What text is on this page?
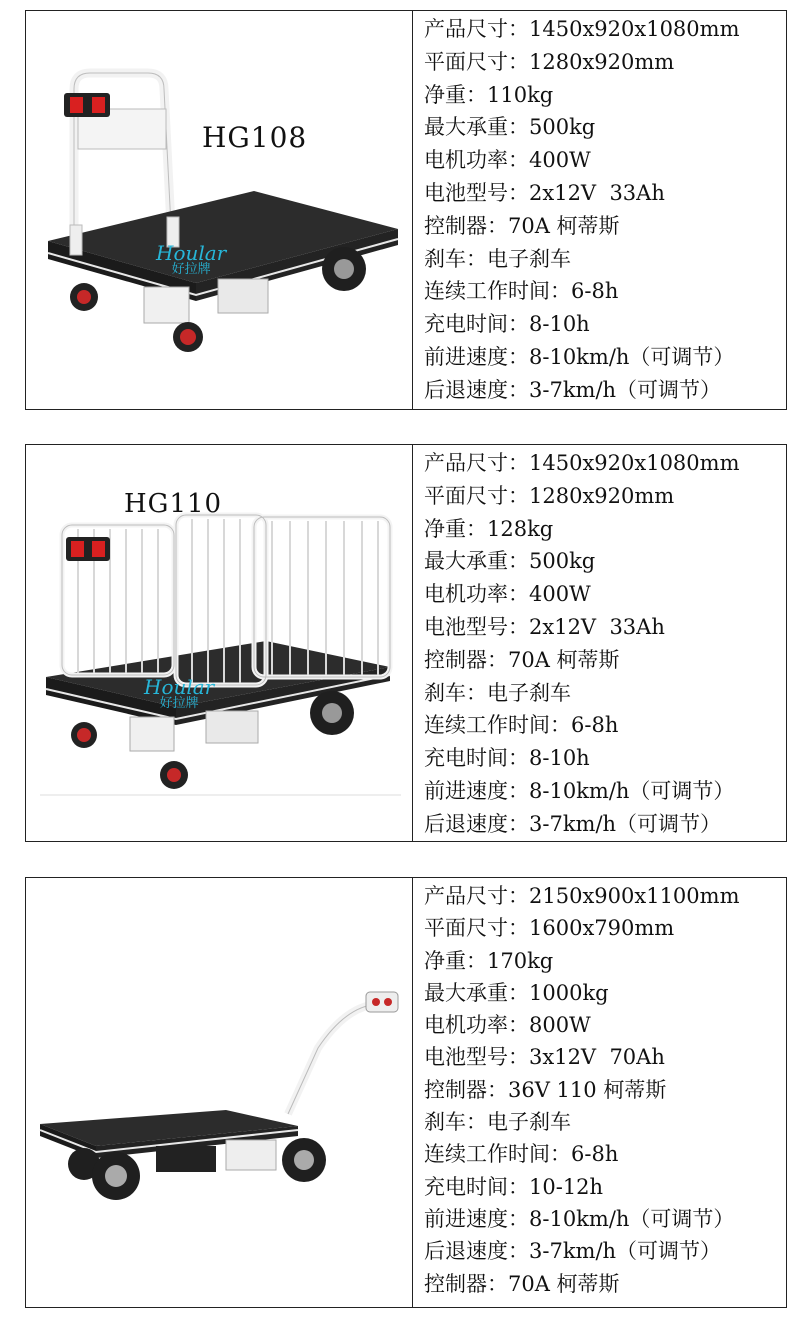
HG108
Hoular
好拉牌
产品尺寸：1450x920x1080mm
平面尺寸：1280x920mm
净重：110kg
最大承重：500kg
电机功率：400W
电池型号：2x12V  33Ah
控制器：70A 柯蒂斯
刹车：电子刹车
连续工作时间：6-8h
充电时间：8-10h
前进速度：8-10km/h（可调节）
后退速度：3-7km/h（可调节）
HG110
Hoular
好拉牌
产品尺寸：1450x920x1080mm
平面尺寸：1280x920mm
净重：128kg
最大承重：500kg
电机功率：400W
电池型号：2x12V  33Ah
控制器：70A 柯蒂斯
刹车：电子刹车
连续工作时间：6-8h
充电时间：8-10h
前进速度：8-10km/h（可调节）
后退速度：3-7km/h（可调节）
产品尺寸：2150x900x1100mm
平面尺寸：1600x790mm
净重：170kg
最大承重：1000kg
电机功率：800W
电池型号：3x12V  70Ah
控制器：36V 110 柯蒂斯
刹车：电子刹车
连续工作时间：6-8h
充电时间：10-12h
前进速度：8-10km/h（可调节）
后退速度：3-7km/h（可调节）
控制器：70A 柯蒂斯
